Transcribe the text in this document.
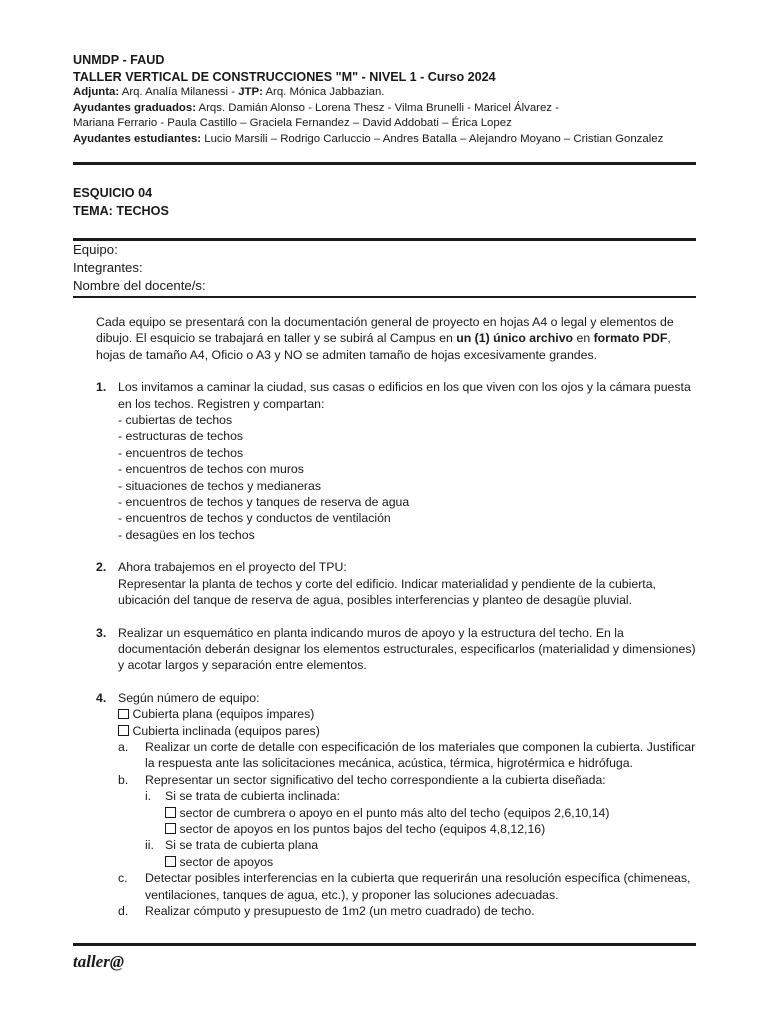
UNMDP - FAUD
TALLER VERTICAL DE CONSTRUCCIONES "M" - NIVEL 1 - Curso 2024
Adjunta: Arq. Analía Milanessi - JTP: Arq. Mónica Jabbazian.
Ayudantes graduados: Arqs. Damián Alonso - Lorena Thesz - Vilma Brunelli - Maricel Álvarez -
Mariana Ferrario - Paula Castillo – Graciela Fernandez – David Addobati – Érica Lopez
Ayudantes estudiantes: Lucio Marsili – Rodrigo Carluccio – Andres Batalla – Alejandro Moyano – Cristian Gonzalez
ESQUICIO 04
TEMA: TECHOS
Equipo:
Integrantes:
Nombre del docente/s:

Cada equipo se presentará con la documentación general de proyecto en hojas A4 o legal y elementos de dibujo. El esquicio se trabajará en taller y se subirá al Campus en un (1) único archivo en formato PDF, hojas de tamaño A4, Oficio o A3 y NO se admiten tamaño de hojas excesivamente grandes.

1. Los invitamos a caminar la ciudad, sus casas o edificios en los que viven con los ojos y la cámara puesta en los techos. Registren y compartan:
- cubiertas de techos
- estructuras de techos
- encuentros de techos
- encuentros de techos con muros
- situaciones de techos y medianeras
- encuentros de techos y tanques de reserva de agua
- encuentros de techos y conductos de ventilación
- desagües en los techos
2. Ahora trabajemos en el proyecto del TPU:
Representar la planta de techos y corte del edificio. Indicar materialidad y pendiente de la cubierta, ubicación del tanque de reserva de agua, posibles interferencias y planteo de desagüe pluvial.
3. Realizar un esquemático en planta indicando muros de apoyo y la estructura del techo. En la documentación deberán designar los elementos estructurales, especificarlos (materialidad y dimensiones) y acotar largos y separación entre elementos.
4. Según número de equipo:
Cubierta plana (equipos impares)
Cubierta inclinada (equipos pares)
a. Realizar un corte de detalle con especificación de los materiales que componen la cubierta. Justificar la respuesta ante las solicitaciones mecánica, acústica, térmica, higrotérmica e hidrófuga.
b. Representar un sector significativo del techo correspondiente a la cubierta diseñada:
i. Si se trata de cubierta inclinada:
sector de cumbrera o apoyo en el punto más alto del techo (equipos 2,6,10,14)
sector de apoyos en los puntos bajos del techo (equipos 4,8,12,16)
ii. Si se trata de cubierta plana
sector de apoyos
c. Detectar posibles interferencias en la cubierta que requerirán una resolución específica (chimeneas, ventilaciones, tanques de agua, etc.), y proponer las soluciones adecuadas.
d. Realizar cómputo y presupuesto de 1m2 (un metro cuadrado) de techo.
taller@
